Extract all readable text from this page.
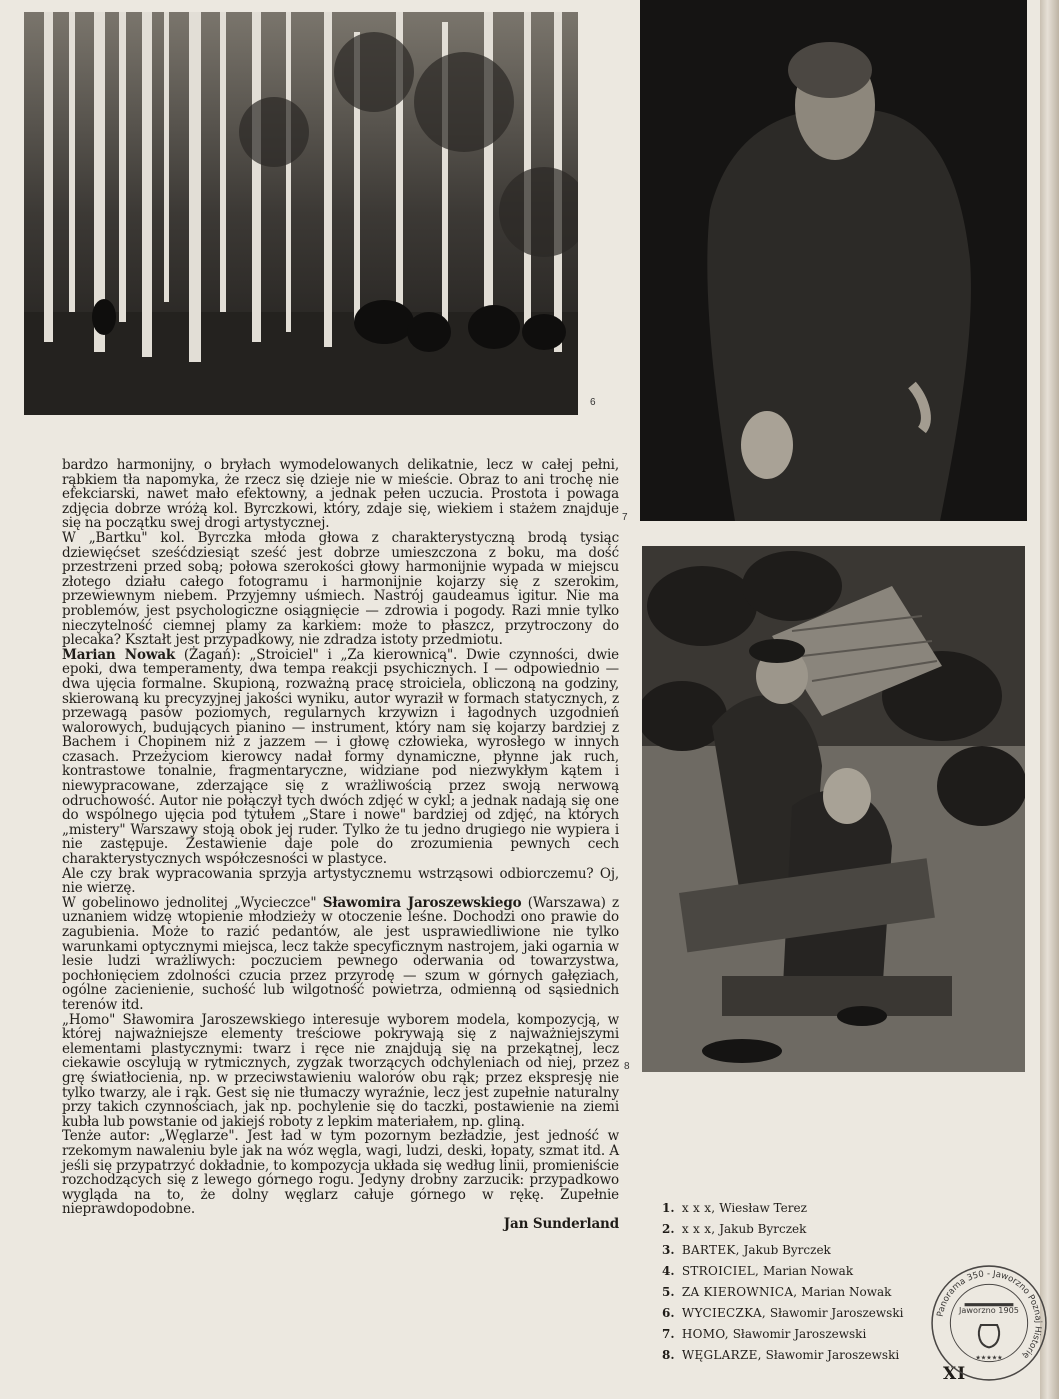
6
7
8

bardzo harmonijny, o bryłach wymodelowanych delikatnie, lecz w całej pełni, rąbkiem tła napomyka, że rzecz się dzieje nie w mieście. Obraz to ani trochę nie efekciarski, nawet mało efektowny, a jednak pełen uczucia. Prostota i powaga zdjęcia dobrze wróżą kol. Byrczkowi, który, zdaje się, wiekiem i stażem znajduje się na początku swej drogi artystycznej.

W „Bartku" kol. Byrczka młoda głowa z charakterystyczną brodą tysiąc dziewięćset sześćdziesiąt sześć jest dobrze umieszczona z boku, ma dość przestrzeni przed sobą; połowa szerokości głowy harmonijnie wypada w miejscu złotego działu całego fotogramu i harmonijnie kojarzy się z szerokim, przewiewnym niebem. Przyjemny uśmiech. Nastrój gaudeamus igitur. Nie ma problemów, jest psychologiczne osiągnięcie — zdrowia i pogody. Razi mnie tylko nieczytelność ciemnej plamy za karkiem: może to płaszcz, przytroczony do plecaka? Kształt jest przypadkowy, nie zdradza istoty przedmiotu.

Marian Nowak (Żagań): „Stroiciel" i „Za kierownicą". Dwie czynności, dwie epoki, dwa temperamenty, dwa tempa reakcji psychicznych. I — odpowiednio — dwa ujęcia formalne. Skupioną, rozważną pracę stroiciela, obliczoną na godziny, skierowaną ku precyzyjnej jakości wyniku, autor wyraził w formach statycznych, z przewagą pasów poziomych, regularnych krzywizn i łagodnych uzgodnień walorowych, budujących pianino — instrument, który nam się kojarzy bardziej z Bachem i Chopinem niż z jazzem — i głowę człowieka, wyrosłego w innych czasach. Przeżyciom kierowcy nadał formy dynamiczne, płynne jak ruch, kontrastowe tonalnie, fragmentaryczne, widziane pod niezwykłym kątem i niewypracowane, zderzające się z wrażliwością przez swoją nerwową odruchowość. Autor nie połączył tych dwóch zdjęć w cykl; a jednak nadają się one do wspólnego ujęcia pod tytułem „Stare i nowe" bardziej od zdjęć, na których „mistery" Warszawy stoją obok jej ruder. Tylko że tu jedno drugiego nie wypiera i nie zastępuje. Zestawienie daje pole do zrozumienia pewnych cech charakterystycznych współczesności w plastyce.

Ale czy brak wypracowania sprzyja artystycznemu wstrząsowi odbiorczemu? Oj, nie wierzę.

W gobelinowo jednolitej „Wycieczce" Sławomira Jaroszewskiego (Warszawa) z uznaniem widzę wtopienie młodzieży w otoczenie leśne. Dochodzi ono prawie do zagubienia. Może to razić pedantów, ale jest usprawiedliwione nie tylko warunkami optycznymi miejsca, lecz także specyficznym nastrojem, jaki ogarnia w lesie ludzi wrażliwych: poczuciem pewnego oderwania od towarzystwa, pochłonięciem zdolności czucia przez przyrodę — szum w górnych gałęziach, ogólne zacienienie, suchość lub wilgotność powietrza, odmienną od sąsiednich terenów itd.

„Homo" Sławomira Jaroszewskiego interesuje wyborem modela, kompozycją, w której najważniejsze elementy treściowe pokrywają się z najważniejszymi elementami plastycznymi: twarz i ręce nie znajdują się na przekątnej, lecz ciekawie oscylują w rytmicznych, zygzak tworzących odchyleniach od niej, przez grę światłocienia, np. w przeciwstawieniu walorów obu rąk; przez ekspresję nie tylko twarzy, ale i rąk. Gest się nie tłumaczy wyraźnie, lecz jest zupełnie naturalny przy takich czynnościach, jak np. pochylenie się do taczki, postawienie na ziemi kubła lub powstanie od jakiejś roboty z lepkim materiałem, np. gliną.

Tenże autor: „Węglarze". Jest ład w tym pozornym bezładzie, jest jedność w rzekomym nawaleniu byle jak na wóz węgla, wagi, ludzi, deski, łopaty, szmat itd. A jeśli się przypatrzyć dokładnie, to kompozycja układa się według linii, promieniście rozchodzących się z lewego górnego rogu. Jedyny drobny zarzucik: przypadkowo wygląda na to, że dolny węglarz całuje górnego w rękę. Zupełnie nieprawdopodobne.

Jan Sunderland

1. x x x, Wiesław Terez
2. x x x, Jakub Byrczek
3. BARTEK, Jakub Byrczek
4. STROICIEL, Marian Nowak
5. ZA KIEROWNICA, Marian Nowak
6. WYCIECZKA, Sławomir Jaroszewski
7. HOMO, Sławomir Jaroszewski
8. WĘGLARZE, Sławomir Jaroszewski
XI
Panorama 350 - Jaworzno Poznaj Historię
Jaworzno 1905
★★★★★
